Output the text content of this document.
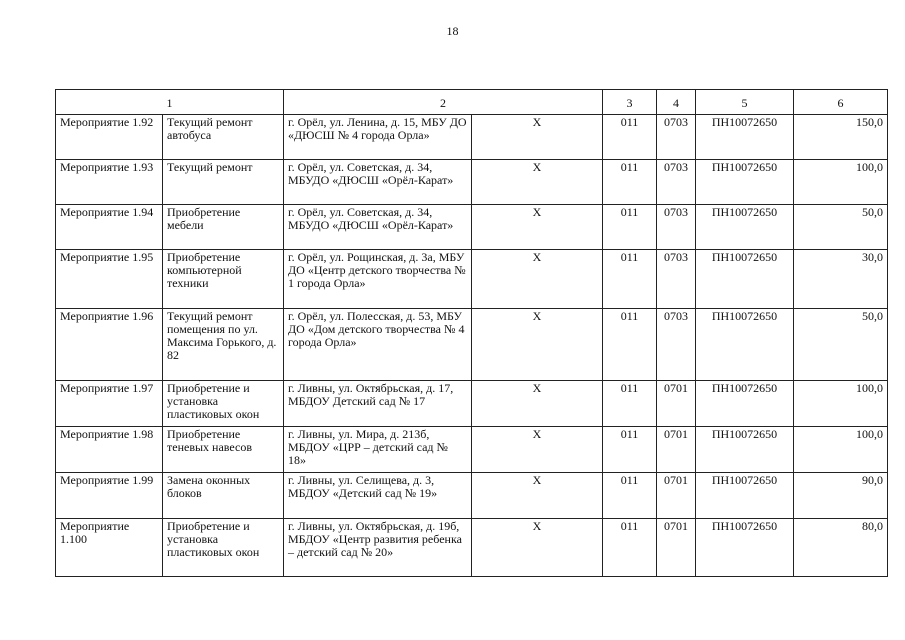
18
1		2		3	4	5	6
Мероприятие 1.92	Текущий ремонт автобуса	г. Орёл, ул. Ленина, д. 15, МБУ ДО «ДЮСШ № 4 города Орла»	Х	011	0703	ПН10072650	150,0
Мероприятие 1.93	Текущий ремонт	г. Орёл, ул. Советская, д. 34, МБУДО «ДЮСШ «Орёл-Карат»	Х	011	0703	ПН10072650	100,0
Мероприятие 1.94	Приобретение мебели	г. Орёл, ул. Советская, д. 34, МБУДО «ДЮСШ «Орёл-Карат»	Х	011	0703	ПН10072650	50,0
Мероприятие 1.95	Приобретение компьютерной техники	г. Орёл, ул. Рощинская, д. 3а, МБУ ДО «Центр детского творчества № 1 города Орла»	Х	011	0703	ПН10072650	30,0
Мероприятие 1.96	Текущий ремонт помещения по ул. Максима Горького, д. 82	г. Орёл, ул. Полесская, д. 53, МБУ ДО «Дом детского творчества № 4 города Орла»	Х	011	0703	ПН10072650	50,0
Мероприятие 1.97	Приобретение и установка пластиковых окон	г. Ливны, ул. Октябрьская, д. 17, МБДОУ Детский сад № 17	Х	011	0701	ПН10072650	100,0
Мероприятие 1.98	Приобретение теневых навесов	г. Ливны, ул. Мира, д. 213б, МБДОУ «ЦРР – детский сад № 18»	Х	011	0701	ПН10072650	100,0
Мероприятие 1.99	Замена оконных блоков	г. Ливны, ул. Селищева, д. 3, МБДОУ «Детский сад № 19»	Х	011	0701	ПН10072650	90,0
Мероприятие 1.100	Приобретение и установка пластиковых окон	г. Ливны, ул. Октябрьская, д. 19б, МБДОУ «Центр развития ребенка – детский сад № 20»	Х	011	0701	ПН10072650	80,0
